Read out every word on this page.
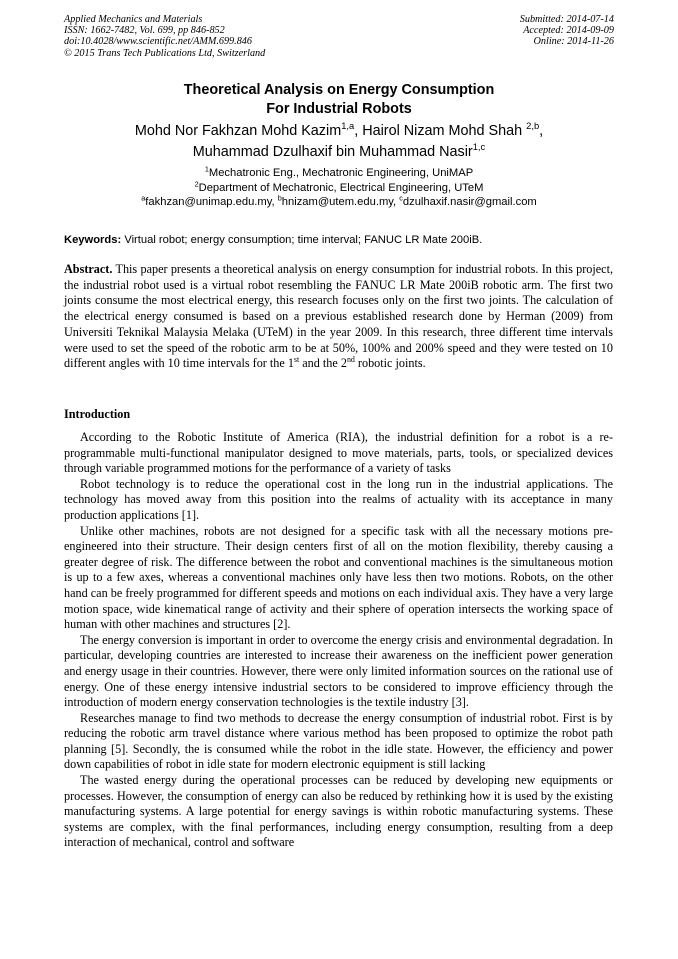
Applied Mechanics and Materials
ISSN: 1662-7482, Vol. 699, pp 846-852
doi:10.4028/www.scientific.net/AMM.699.846
© 2015 Trans Tech Publications Ltd, Switzerland
Submitted: 2014-07-14
Accepted: 2014-09-09
Online: 2014-11-26
Theoretical Analysis on Energy Consumption
For Industrial Robots
Mohd Nor Fakhzan Mohd Kazim$^{1,a}$, Hairol Nizam Mohd Shah $^{2,b}$,
Muhammad Dzulhaxif bin Muhammad Nasir$^{1,c}$
$^1$Mechatronic Eng., Mechatronic Engineering, UniMAP
$^2$Department of Mechatronic, Electrical Engineering, UTeM
$^a$fakhzan@unimap.edu.my, $^b$hnizam@utem.edu.my, $^c$dzulhaxif.nasir@gmail.com
Keywords: Virtual robot; energy consumption; time interval; FANUC LR Mate 200iB.
Abstract. This paper presents a theoretical analysis on energy consumption for industrial robots. In this project, the industrial robot used is a virtual robot resembling the FANUC LR Mate 200iB robotic arm. The first two joints consume the most electrical energy, this research focuses only on the first two joints. The calculation of the electrical energy consumed is based on a previous established research done by Herman (2009) from Universiti Teknikal Malaysia Melaka (UTeM) in the year 2009. In this research, three different time intervals were used to set the speed of the robotic arm to be at 50%, 100% and 200% speed and they were tested on 10 different angles with 10 time intervals for the 1st and the 2nd robotic joints.
Introduction

According to the Robotic Institute of America (RIA), the industrial definition for a robot is a re-programmable multi-functional manipulator designed to move materials, parts, tools, or specialized devices through variable programmed motions for the performance of a variety of tasks

Robot technology is to reduce the operational cost in the long run in the industrial applications. The technology has moved away from this position into the realms of actuality with its acceptance in many production applications [1].

Unlike other machines, robots are not designed for a specific task with all the necessary motions pre-engineered into their structure. Their design centers first of all on the motion flexibility, thereby causing a greater degree of risk. The difference between the robot and conventional machines is the simultaneous motion is up to a few axes, whereas a conventional machines only have less then two motions. Robots, on the other hand can be freely programmed for different speeds and motions on each individual axis. They have a very large motion space, wide kinematical range of activity and their sphere of operation intersects the working space of human with other machines and structures [2].

The energy conversion is important in order to overcome the energy crisis and environmental degradation. In particular, developing countries are interested to increase their awareness on the inefficient power generation and energy usage in their countries. However, there were only limited information sources on the rational use of energy. One of these energy intensive industrial sectors to be considered to improve efficiency through the introduction of modern energy conservation technologies is the textile industry [3].

Researches manage to find two methods to decrease the energy consumption of industrial robot. First is by reducing the robotic arm travel distance where various method has been proposed to optimize the robot path planning [5]. Secondly, the is consumed while the robot in the idle state. However, the efficiency and power down capabilities of robot in idle state for modern electronic equipment is still lacking

The wasted energy during the operational processes can be reduced by developing new equipments or processes. However, the consumption of energy can also be reduced by rethinking how it is used by the existing manufacturing systems. A large potential for energy savings is within robotic manufacturing systems. These systems are complex, with the final performances, including energy consumption, resulting from a deep interaction of mechanical, control and software
